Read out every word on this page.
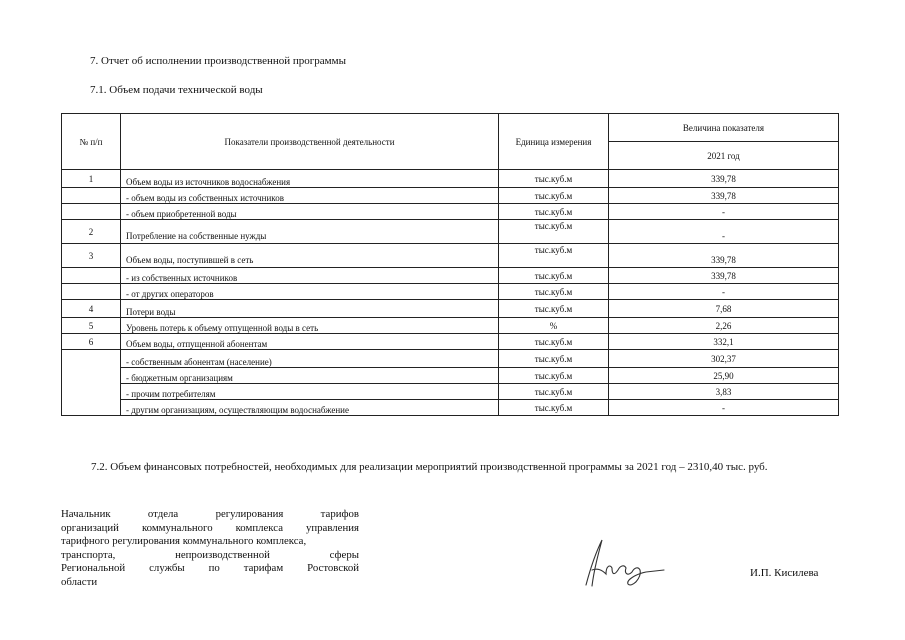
7. Отчет об исполнении производственной программы
7.1. Объем подачи технической воды
№ п/п	Показатели производственной деятельности	Единица измерения	Величина показателя
			2021 год
1	Объем воды из источников водоснабжения	тыс.куб.м	339,78
	- объем воды из собственных источников	тыс.куб.м	339,78
	- объем приобретенной воды	тыс.куб.м	-
2	Потребление на собственные нужды	тыс.куб.м	-
3	Объем воды, поступившей в сеть	тыс.куб.м	339,78
	- из собственных источников	тыс.куб.м	339,78
	- от других операторов	тыс.куб.м	-
4	Потери воды	тыс.куб.м	7,68
5	Уровень потерь к объему отпущенной воды в сеть	%	2,26
6	Объем воды, отпущенной абонентам	тыс.куб.м	332,1
	- собственным абонентам (население)	тыс.куб.м	302,37
	- бюджетным организациям	тыс.куб.м	25,90
	- прочим потребителям	тыс.куб.м	3,83
	- другим организациям, осуществляющим водоснабжение	тыс.куб.м	-
7.2. Объем финансовых потребностей, необходимых для реализации мероприятий производственной программы за 2021 год – 2310,40 тыс. руб.
Начальник отдела регулирования тарифов
организаций коммунального комплекса управления
тарифного регулирования коммунального комплекса,
транспорта, непроизводственной сферы
Региональной службы по тарифам Ростовской
области
И.П. Кисилева
